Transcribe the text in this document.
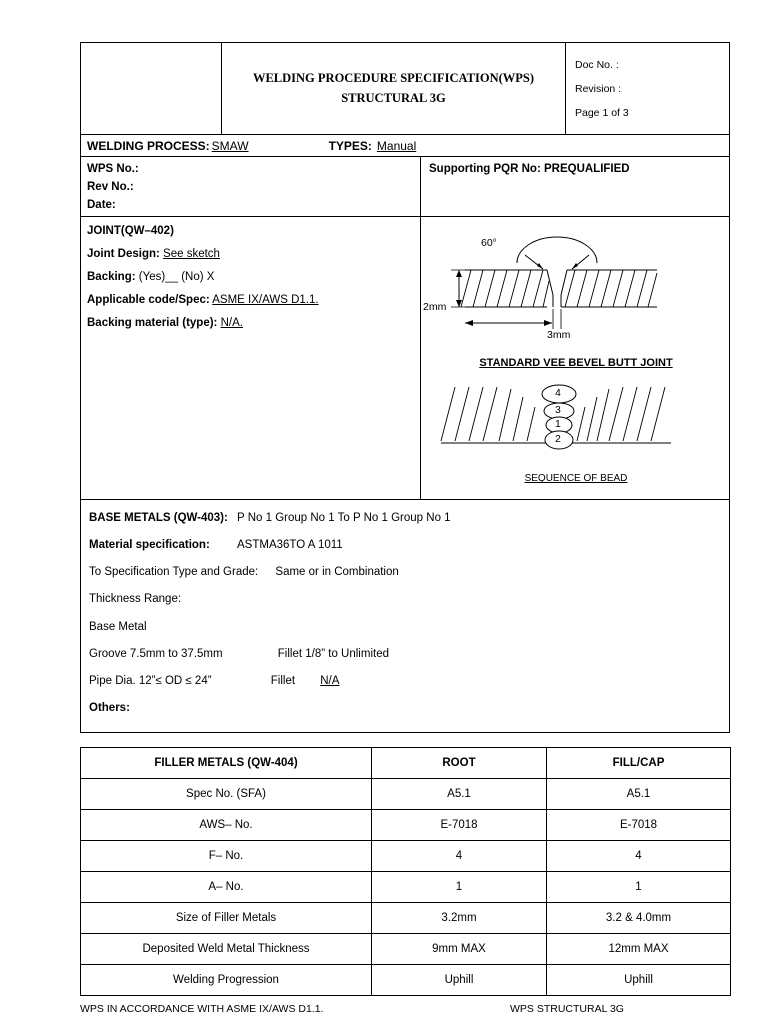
WELDING PROCEDURE SPECIFICATION(WPS)
STRUCTURAL 3G
Doc No. :
Revision :
Page 1 of 3
WELDING PROCESS: SMAW	TYPES: Manual
WPS No.:
Rev No.:
Date:
Supporting PQR No: PREQUALIFIED
JOINT(QW–402)
Joint Design: See sketch
Backing: (Yes)__ (No) X
Applicable code/Spec: ASME IX/AWS D1.1.
Backing material (type): N/A.
60°
2mm
3mm
STANDARD VEE BEVEL BUTT JOINT
4
3
1
2
SEQUENCE OF BEAD
BASE METALS (QW-403): P No 1 Group No 1 To P No 1 Group No 1
Material specification: ASTMA36TO A 1011
To Specification Type and Grade: Same or in Combination
Thickness Range:
Base Metal
Groove 7.5mm to 37.5mm	Fillet 1/8” to Unlimited
Pipe Dia. 12”≤ OD ≤ 24”	Fillet N/A
Others:
FILLER METALS (QW-404)	ROOT	FILL/CAP
Spec No. (SFA)	A5.1	A5.1
AWS– No.	E-7018	E-7018
F– No.	4	4
A– No.	1	1
Size of Filler Metals	3.2mm	3.2 & 4.0mm
Deposited Weld Metal Thickness	9mm MAX	12mm MAX
Welding Progression	Uphill	Uphill
WPS IN ACCORDANCE WITH ASME IX/AWS D1.1.	WPS STRUCTURAL 3G
